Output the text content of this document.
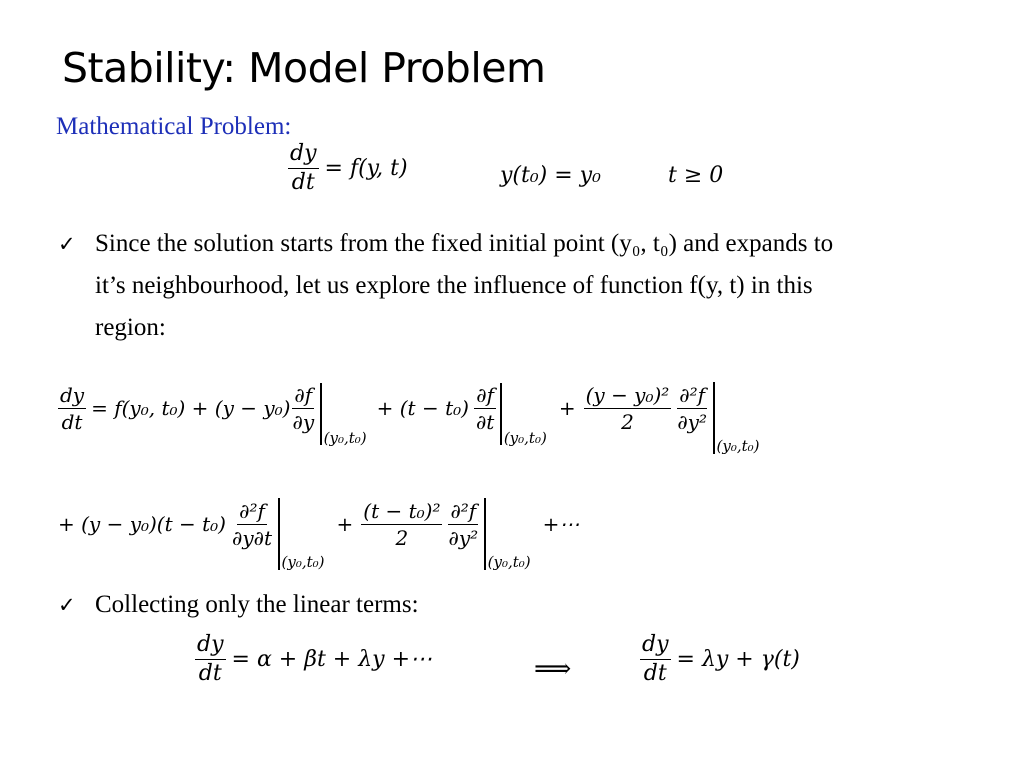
Stability: Model Problem
Mathematical Problem:
$\frac{dy}{dt} = f(y$, t)	y(t₀) = y₀	t ≥ 0
✓ Since the solution starts from the fixed initial point (y₀, t₀) and expands to
it’s neighbourhood, let us explore the influence of function f(y, t) in this
region:
$\frac{dy}{dt} = f(y_0$, $t_0) + (y - y_0) \frac{\partial f}{\partial y}$
(y₀,t₀)
+ $(t - t_0) \frac{\partial f}{\partial t}$
(y₀,t₀)
+ $\frac{\text{(y − y₀)²}}{2} \frac{\text{∂²f}}{\text{∂y²}}$
(y₀,t₀)
+ $(y - y_0)(t - t_0) \frac{\text{∂²f}}{\partial y\partial t}$
(y₀,t₀)
+ $\frac{\text{(t − t₀)²}}{2} \frac{\text{∂²f}}{\text{∂y²}}$
(y₀,t₀)
+⋯
✓ Collecting only the linear terms:
$\frac{dy}{dt} = \alpha + \beta t + \lambda y$ +⋯	⟹	$\frac{dy}{dt} = \lambda y + \gamma(t)$
